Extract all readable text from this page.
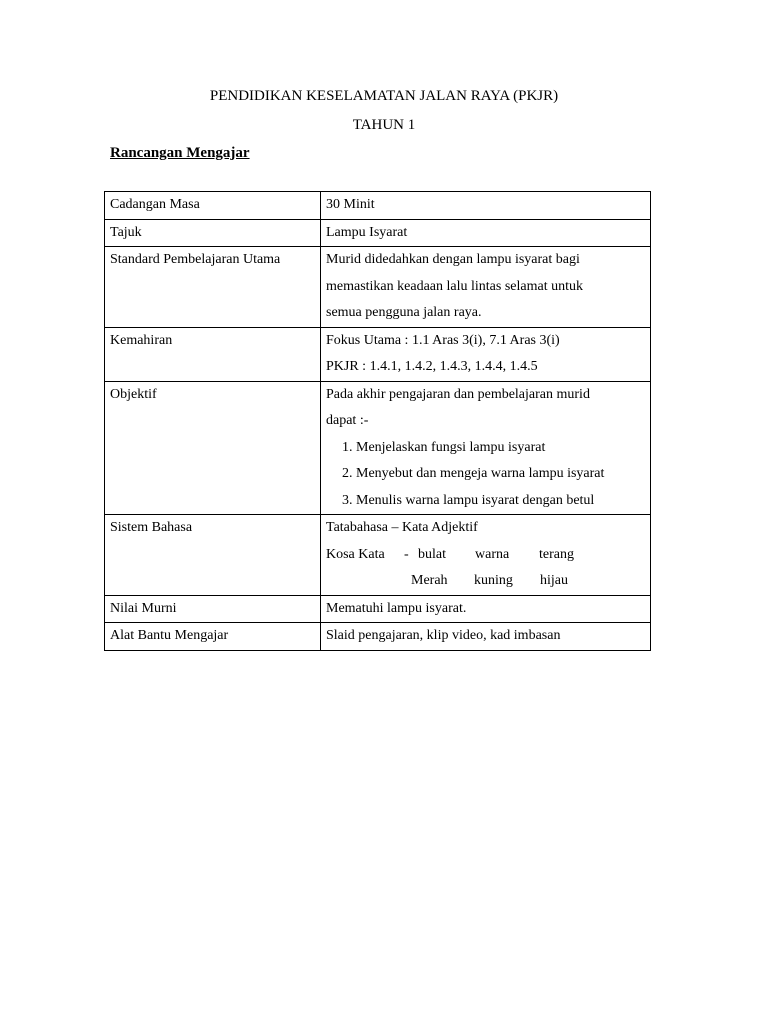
PENDIDIKAN KESELAMATAN JALAN RAYA (PKJR)
TAHUN 1
Rancangan Mengajar
Cadangan Masa	30 Minit
Tajuk	Lampu Isyarat
Standard Pembelajaran Utama	Murid didedahkan dengan lampu isyarat bagi
memastikan keadaan lalu lintas selamat untuk
semua pengguna jalan raya.

Kemahiran	Fokus Utama : 1.1 Aras 3(i), 7.1 Aras 3(i)
PKJR : 1.4.1, 1.4.2, 1.4.3, 1.4.4, 1.4.5

Objektif	Pada akhir pengajaran dan pembelajaran murid
dapat :-
1. Menjelaskan fungsi lampu isyarat
2. Menyebut dan mengeja warna lampu isyarat
3. Menulis warna lampu isyarat dengan betul

Sistem Bahasa	Tatabahasa – Kata Adjektif
Kosa Kata - bulat warna terang
Merah kuning hijau

Nilai Murni	Mematuhi lampu isyarat.
Alat Bantu Mengajar	Slaid pengajaran, klip video, kad imbasan
